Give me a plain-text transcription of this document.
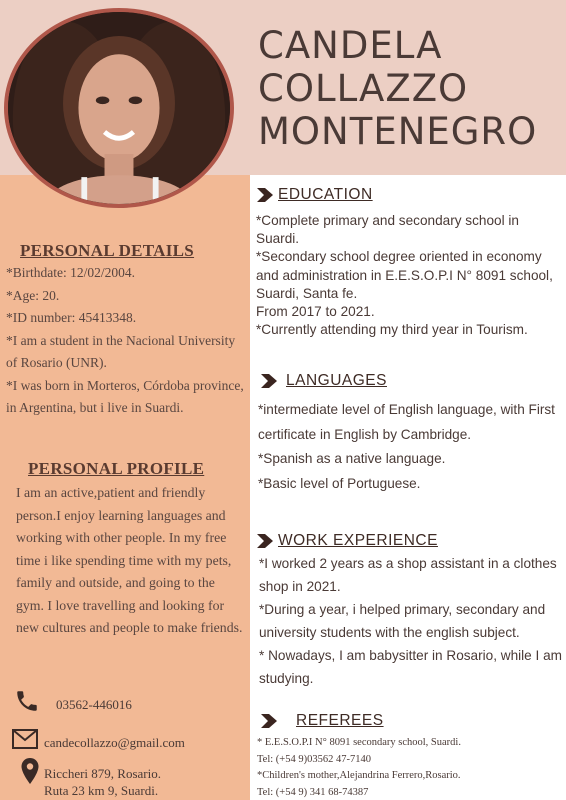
CANDELA
COLLAZZO
MONTENEGRO
PERSONAL DETAILS
*Birthdate: 12/02/2004.
*Age: 20.
*ID number: 45413348.
*I am a student in the Nacional University of Rosario (UNR).
*I was born in Morteros, Córdoba province, in Argentina, but i live in Suardi.
PERSONAL PROFILE
I am an active,patient and friendly person.I enjoy learning languages and working with other people. In my free time i like spending time with my pets, family and outside, and going to the gym. I love travelling and looking for new cultures and people to make friends.
03562-446016
candecollazzo@gmail.com
Riccheri 879, Rosario.
Ruta 23 km 9, Suardi.
EDUCATION
*Complete primary and secondary school in Suardi.
*Secondary school degree oriented in economy and administration in E.E.S.O.P.I N° 8091 school, Suardi, Santa fe.
From 2017 to 2021.
*Currently attending my third year in Tourism.
LANGUAGES
*intermediate level of English language, with First certificate in English by Cambridge.
*Spanish as a native language.
*Basic level of Portuguese.
WORK EXPERIENCE
*I worked 2 years as a shop assistant in a clothes shop in 2021.
*During a year, i helped primary, secondary and university students with the english subject.
* Nowadays, I am babysitter in Rosario, while I am studying.
REFEREES
* E.E.S.O.P.I N° 8091 secondary school, Suardi.
Tel: (+54 9)03562 47-7140
*Children's mother,Alejandrina Ferrero,Rosario.
Tel: (+54 9) 341 68-74387
